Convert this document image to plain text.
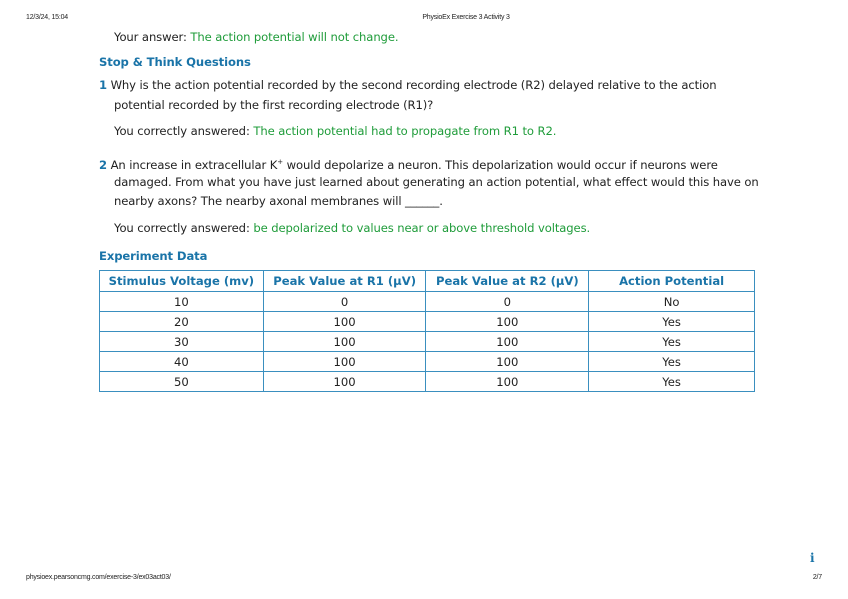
12/3/24, 15:04	PhysioEx Exercise 3 Activity 3
Your answer: The action potential will not change.
Stop & Think Questions
1 Why is the action potential recorded by the second recording electrode (R2) delayed relative to the action
potential recorded by the first recording electrode (R1)?
You correctly answered: The action potential had to propagate from R1 to R2.
2 An increase in extracellular K+ would depolarize a neuron. This depolarization would occur if neurons were
damaged. From what you have just learned about generating an action potential, what effect would this have on
nearby axons? The nearby axonal membranes will ______.
You correctly answered: be depolarized to values near or above threshold voltages.
Experiment Data
Stimulus Voltage (mv)	Peak Value at R1 (μV)	Peak Value at R2 (μV)	Action Potential
10	0	0	No
20	100	100	Yes
30	100	100	Yes
40	100	100	Yes
50	100	100	Yes
i
physioex.pearsoncmg.com/exercise-3/ex03act03/	2/7
